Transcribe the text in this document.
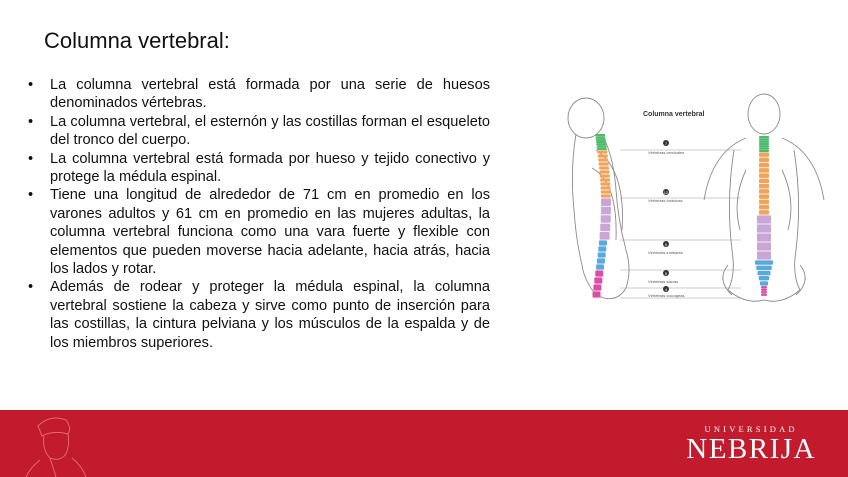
Columna vertebral:
• La columna vertebral está formada por una serie de huesos denominados vértebras.
• La columna vertebral, el esternón y las costillas forman el esqueleto del tronco del cuerpo.
• La columna vertebral está formada por hueso y tejido conectivo y protege la médula espinal.
• Tiene una longitud de alrededor de 71 cm en promedio en los varones adultos y 61 cm en promedio en las mujeres adultas, la columna vertebral funciona como una vara fuerte y flexible con elementos que pueden moverse hacia adelante, hacia atrás, hacia los lados y rotar.
• Además de rodear y proteger la médula espinal, la columna vertebral sostiene la cabeza y sirve como punto de inserción para las costillas, la cintura pelviana y los músculos de la espalda y de los miembros superiores.
Columna vertebral
7
Vértebras cervicales
12
Vértebras torácicas
5
Vértebras lumbares
5
Vértebras sacras
4
Vértebras coccígeas
UNIVERSIDAD
NEBRIJA
